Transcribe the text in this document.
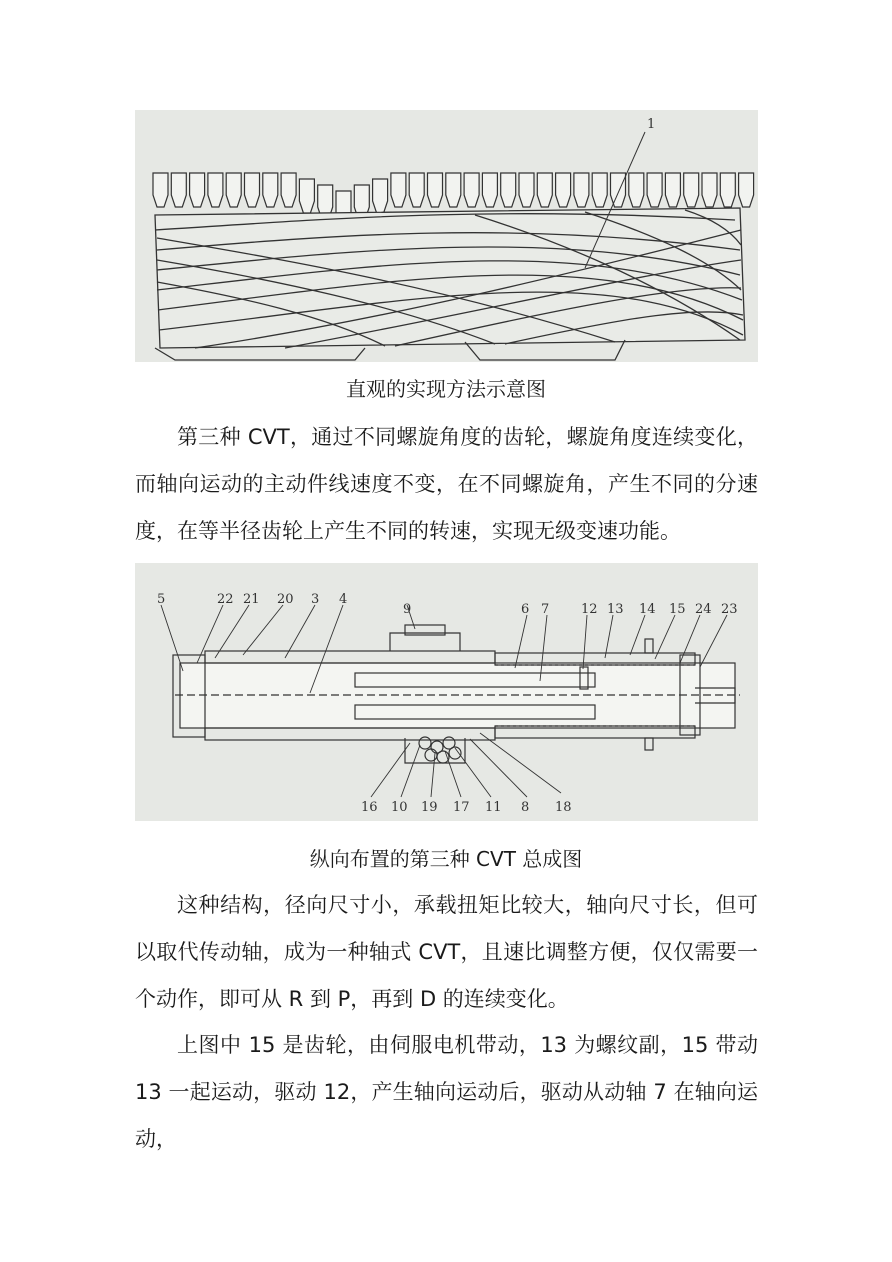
1
直观的实现方法示意图

第三种 CVT，通过不同螺旋角度的齿轮，螺旋角度连续变化，而轴向运动的主动件线速度不变，在不同螺旋角，产生不同的分速度，在等半径齿轮上产生不同的转速，实现无级变速功能。

5	22 21 20 3 4
9	6 7 12 13 14 15 24 23
16 10 19 17 11 8 18
纵向布置的第三种 CVT 总成图

这种结构，径向尺寸小，承载扭矩比较大，轴向尺寸长，但可以取代传动轴，成为一种轴式 CVT，且速比调整方便，仅仅需要一个动作，即可从 R 到 P，再到 D 的连续变化。

上图中 15 是齿轮，由伺服电机带动，13 为螺纹副，15 带动 13 一起运动，驱动 12，产生轴向运动后，驱动从动轴 7 在轴向运动，
